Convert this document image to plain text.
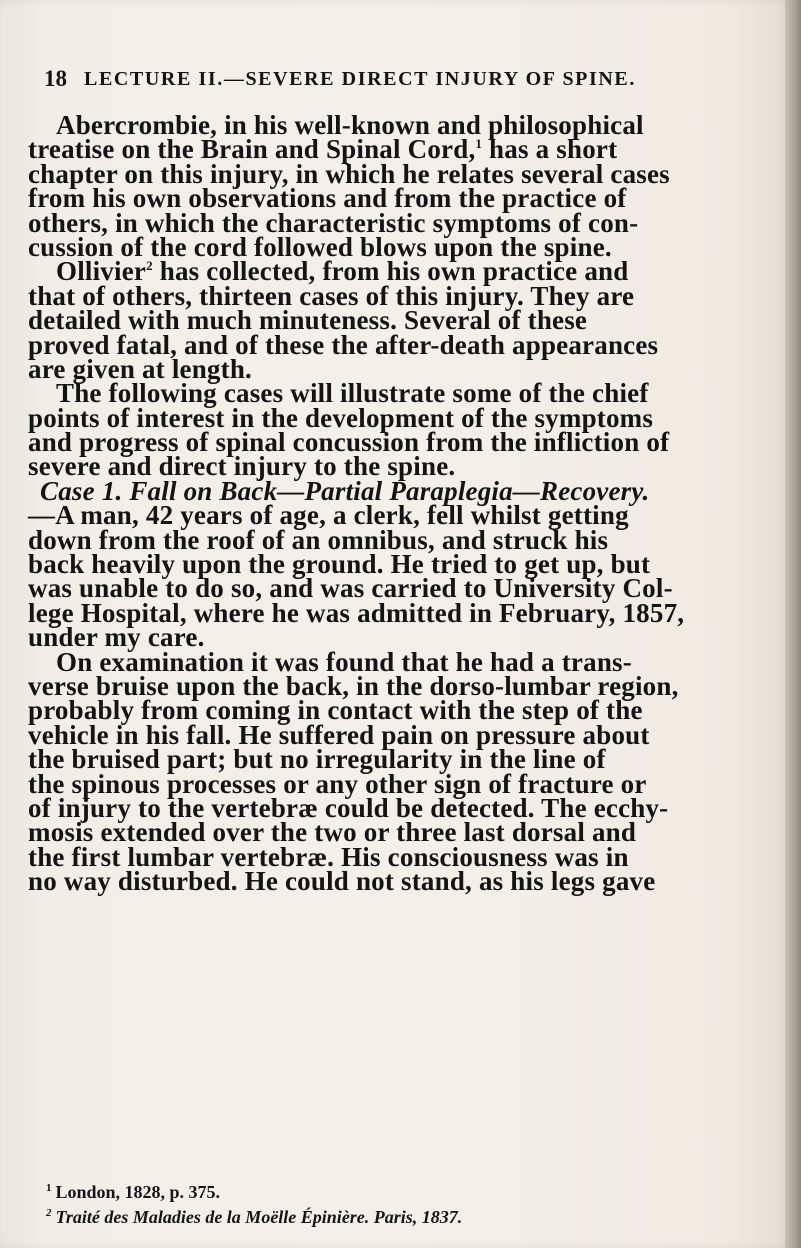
18 LECTURE II.—SEVERE DIRECT INJURY OF SPINE.
Abercrombie, in his well-known and philosophical
treatise on the Brain and Spinal Cord,$^1$ has a short
chapter on this injury, in which he relates several cases
from his own observations and from the practice of
others, in which the characteristic symptoms of con-
cussion of the cord followed blows upon the spine.
Ollivier$^2$ has collected, from his own practice and
that of others, thirteen cases of this injury. They are
detailed with much minuteness. Several of these
proved fatal, and of these the after-death appearances
are given at length.
The following cases will illustrate some of the chief
points of interest in the development of the symptoms
and progress of spinal concussion from the infliction of
severe and direct injury to the spine.
Case 1. Fall on Back—Partial Paraplegia—Recovery.
—A man, 42 years of age, a clerk, fell whilst getting
down from the roof of an omnibus, and struck his
back heavily upon the ground. He tried to get up, but
was unable to do so, and was carried to University Col-
lege Hospital, where he was admitted in February, 1857,
under my care.
On examination it was found that he had a trans-
verse bruise upon the back, in the dorso-lumbar region,
probably from coming in contact with the step of the
vehicle in his fall. He suffered pain on pressure about
the bruised part; but no irregularity in the line of
the spinous processes or any other sign of fracture or
of injury to the vertebræ could be detected. The ecchy-
mosis extended over the two or three last dorsal and
the first lumbar vertebræ. His consciousness was in
no way disturbed. He could not stand, as his legs gave
$^1$ London, 1828, p. 375.
$^2$ Traité des Maladies de la Moëlle Épinière. Paris, 1837.
